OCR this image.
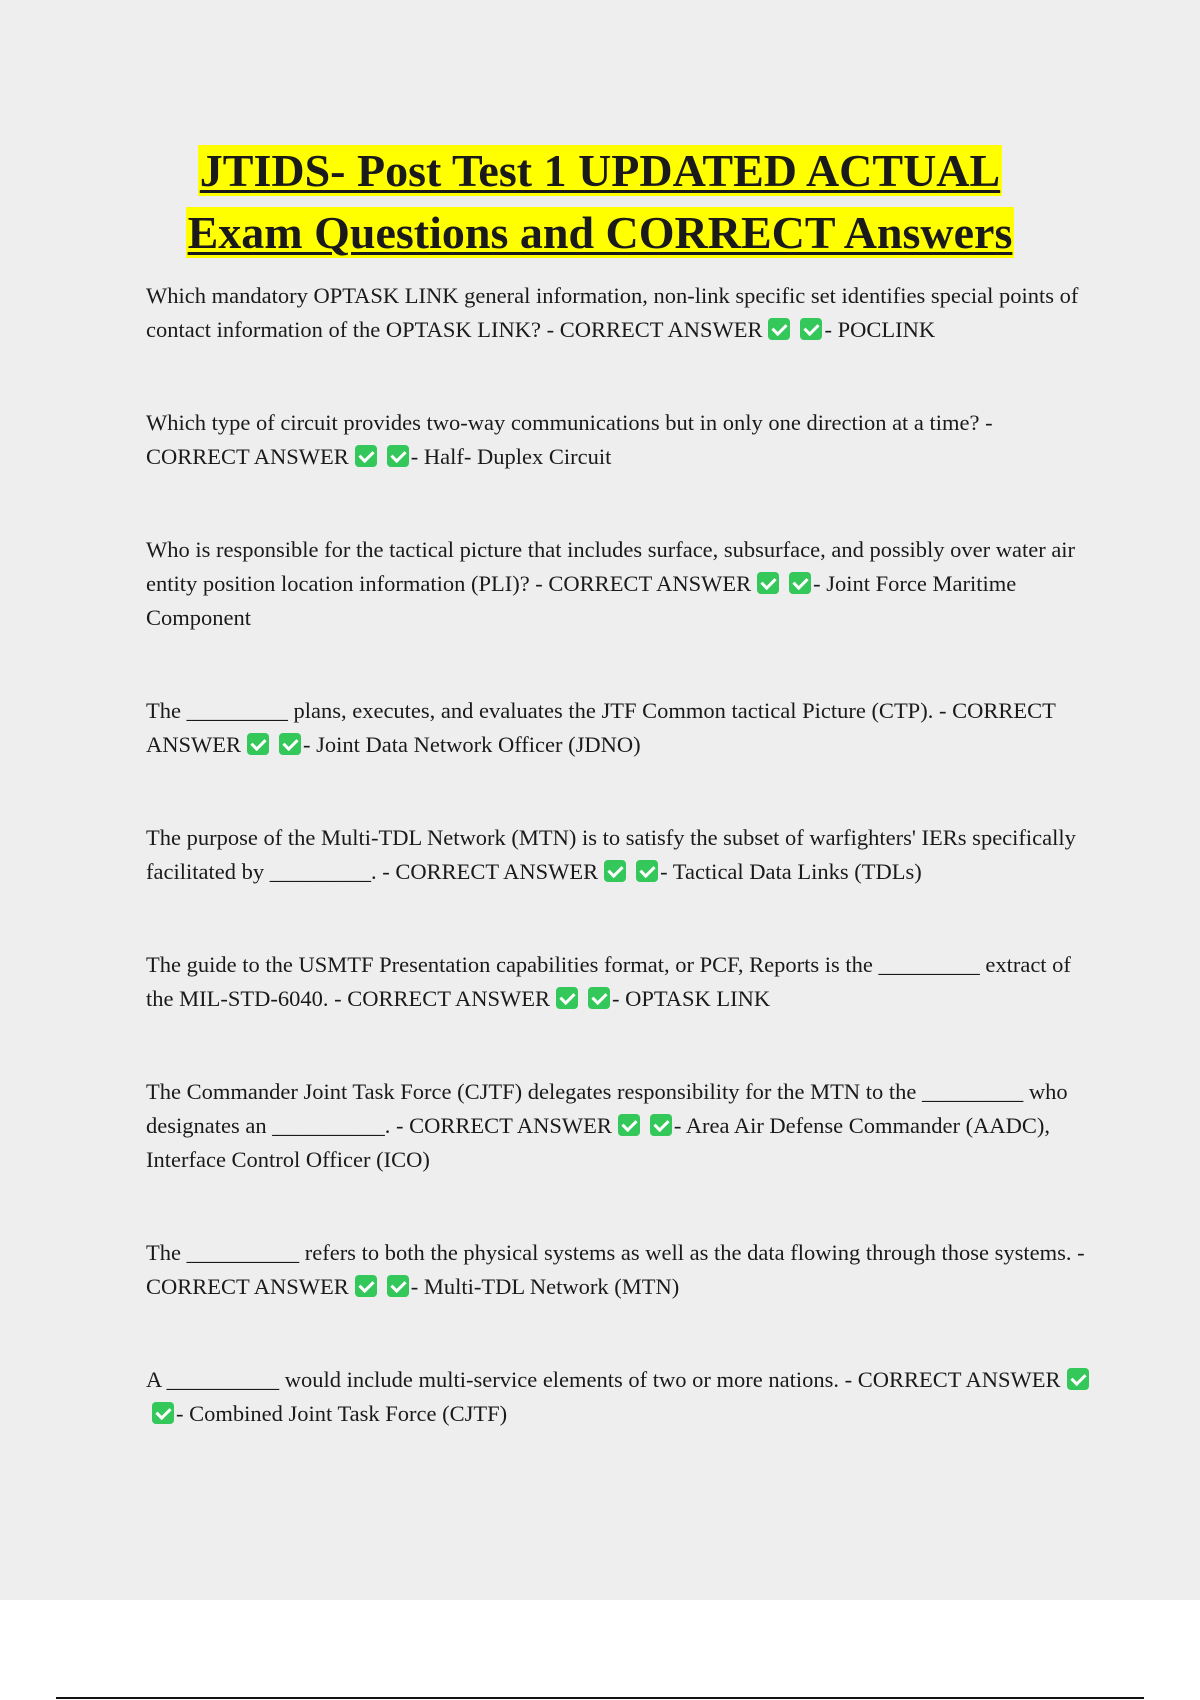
JTIDS- Post Test 1 UPDATED ACTUAL
Exam Questions and CORRECT Answers
Which mandatory OPTASK LINK general information, non-link specific set identifies special points of contact information of the OPTASK LINK? - CORRECT ANSWER	- POCLINK
Which type of circuit provides two-way communications but in only one direction at a time? - CORRECT ANSWER	- Half- Duplex Circuit
Who is responsible for the tactical picture that includes surface, subsurface, and possibly over water air entity position location information (PLI)? - CORRECT ANSWER	- Joint Force Maritime Component
The _________ plans, executes, and evaluates the JTF Common tactical Picture (CTP). - CORRECT ANSWER	- Joint Data Network Officer (JDNO)
The purpose of the Multi-TDL Network (MTN) is to satisfy the subset of warfighters' IERs specifically facilitated by _________. - CORRECT ANSWER	- Tactical Data Links (TDLs)
The guide to the USMTF Presentation capabilities format, or PCF, Reports is the _________ extract of the MIL-STD-6040. - CORRECT ANSWER	- OPTASK LINK
The Commander Joint Task Force (CJTF) delegates responsibility for the MTN to the _________ who designates an __________. - CORRECT ANSWER	- Area Air Defense Commander (AADC), Interface Control Officer (ICO)
The __________ refers to both the physical systems as well as the data flowing through those systems. - CORRECT ANSWER	- Multi-TDL Network (MTN)
A __________ would include multi-service elements of two or more nations. - CORRECT ANSWER- Combined Joint Task Force (CJTF)
